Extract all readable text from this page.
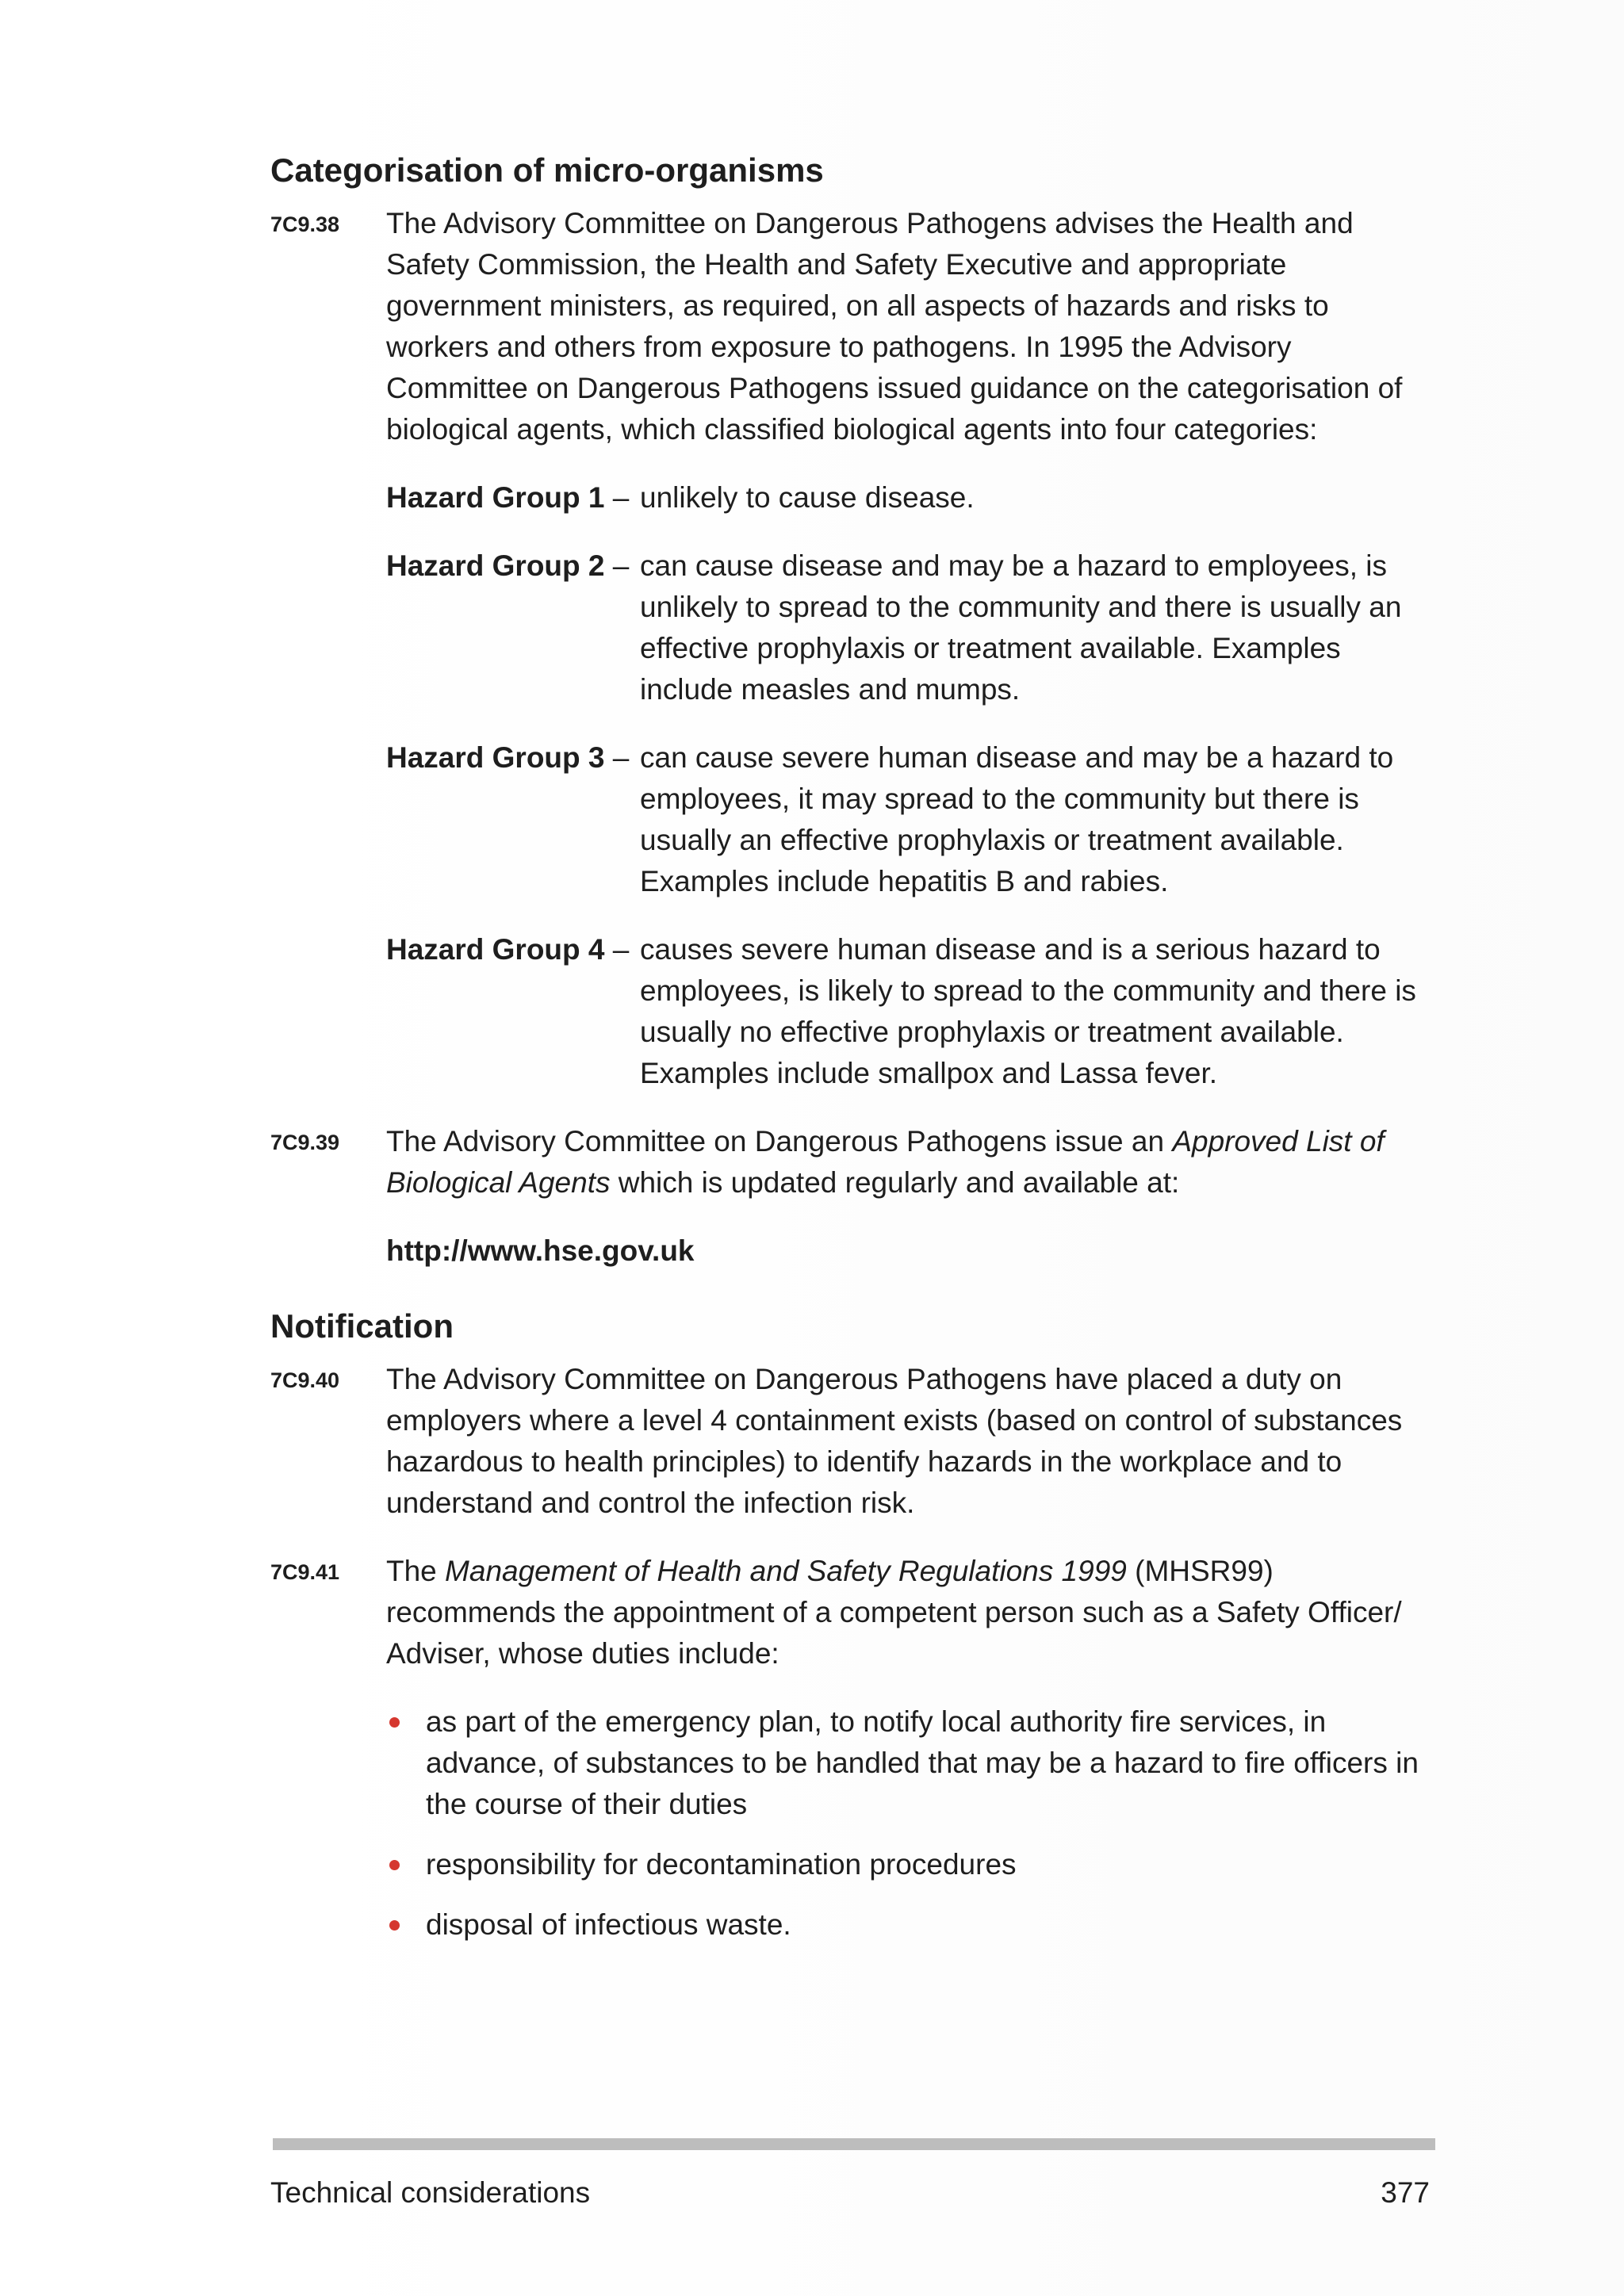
Categorisation of micro-organisms
7C9.38 The Advisory Committee on Dangerous Pathogens advises the Health and Safety Commission, the Health and Safety Executive and appropriate government ministers, as required, on all aspects of hazards and risks to workers and others from exposure to pathogens. In 1995 the Advisory Committee on Dangerous Pathogens issued guidance on the categorisation of biological agents, which classified biological agents into four categories:

Hazard Group 1 – unlikely to cause disease.
Hazard Group 2 – can cause disease and may be a hazard to employees, is unlikely to spread to the community and there is usually an effective prophylaxis or treatment available. Examples include measles and mumps.
Hazard Group 3 – can cause severe human disease and may be a hazard to employees, it may spread to the community but there is usually an effective prophylaxis or treatment available. Examples include hepatitis B and rabies.
Hazard Group 4 – causes severe human disease and is a serious hazard to employees, is likely to spread to the community and there is usually no effective prophylaxis or treatment available. Examples include smallpox and Lassa fever.
7C9.39 The Advisory Committee on Dangerous Pathogens issue an Approved List of Biological Agents which is updated regularly and available at:

http://www.hse.gov.uk
Notification
7C9.40 The Advisory Committee on Dangerous Pathogens have placed a duty on employers where a level 4 containment exists (based on control of substances hazardous to health principles) to identify hazards in the workplace and to understand and control the infection risk.

7C9.41 The Management of Health and Safety Regulations 1999 (MHSR99) recommends the appointment of a competent person such as a Safety Officer/ Adviser, whose duties include:

as part of the emergency plan, to notify local authority fire services, in advance, of substances to be handled that may be a hazard to fire officers in the course of their duties
responsibility for decontamination procedures
disposal of infectious waste.
Technical considerations	377
